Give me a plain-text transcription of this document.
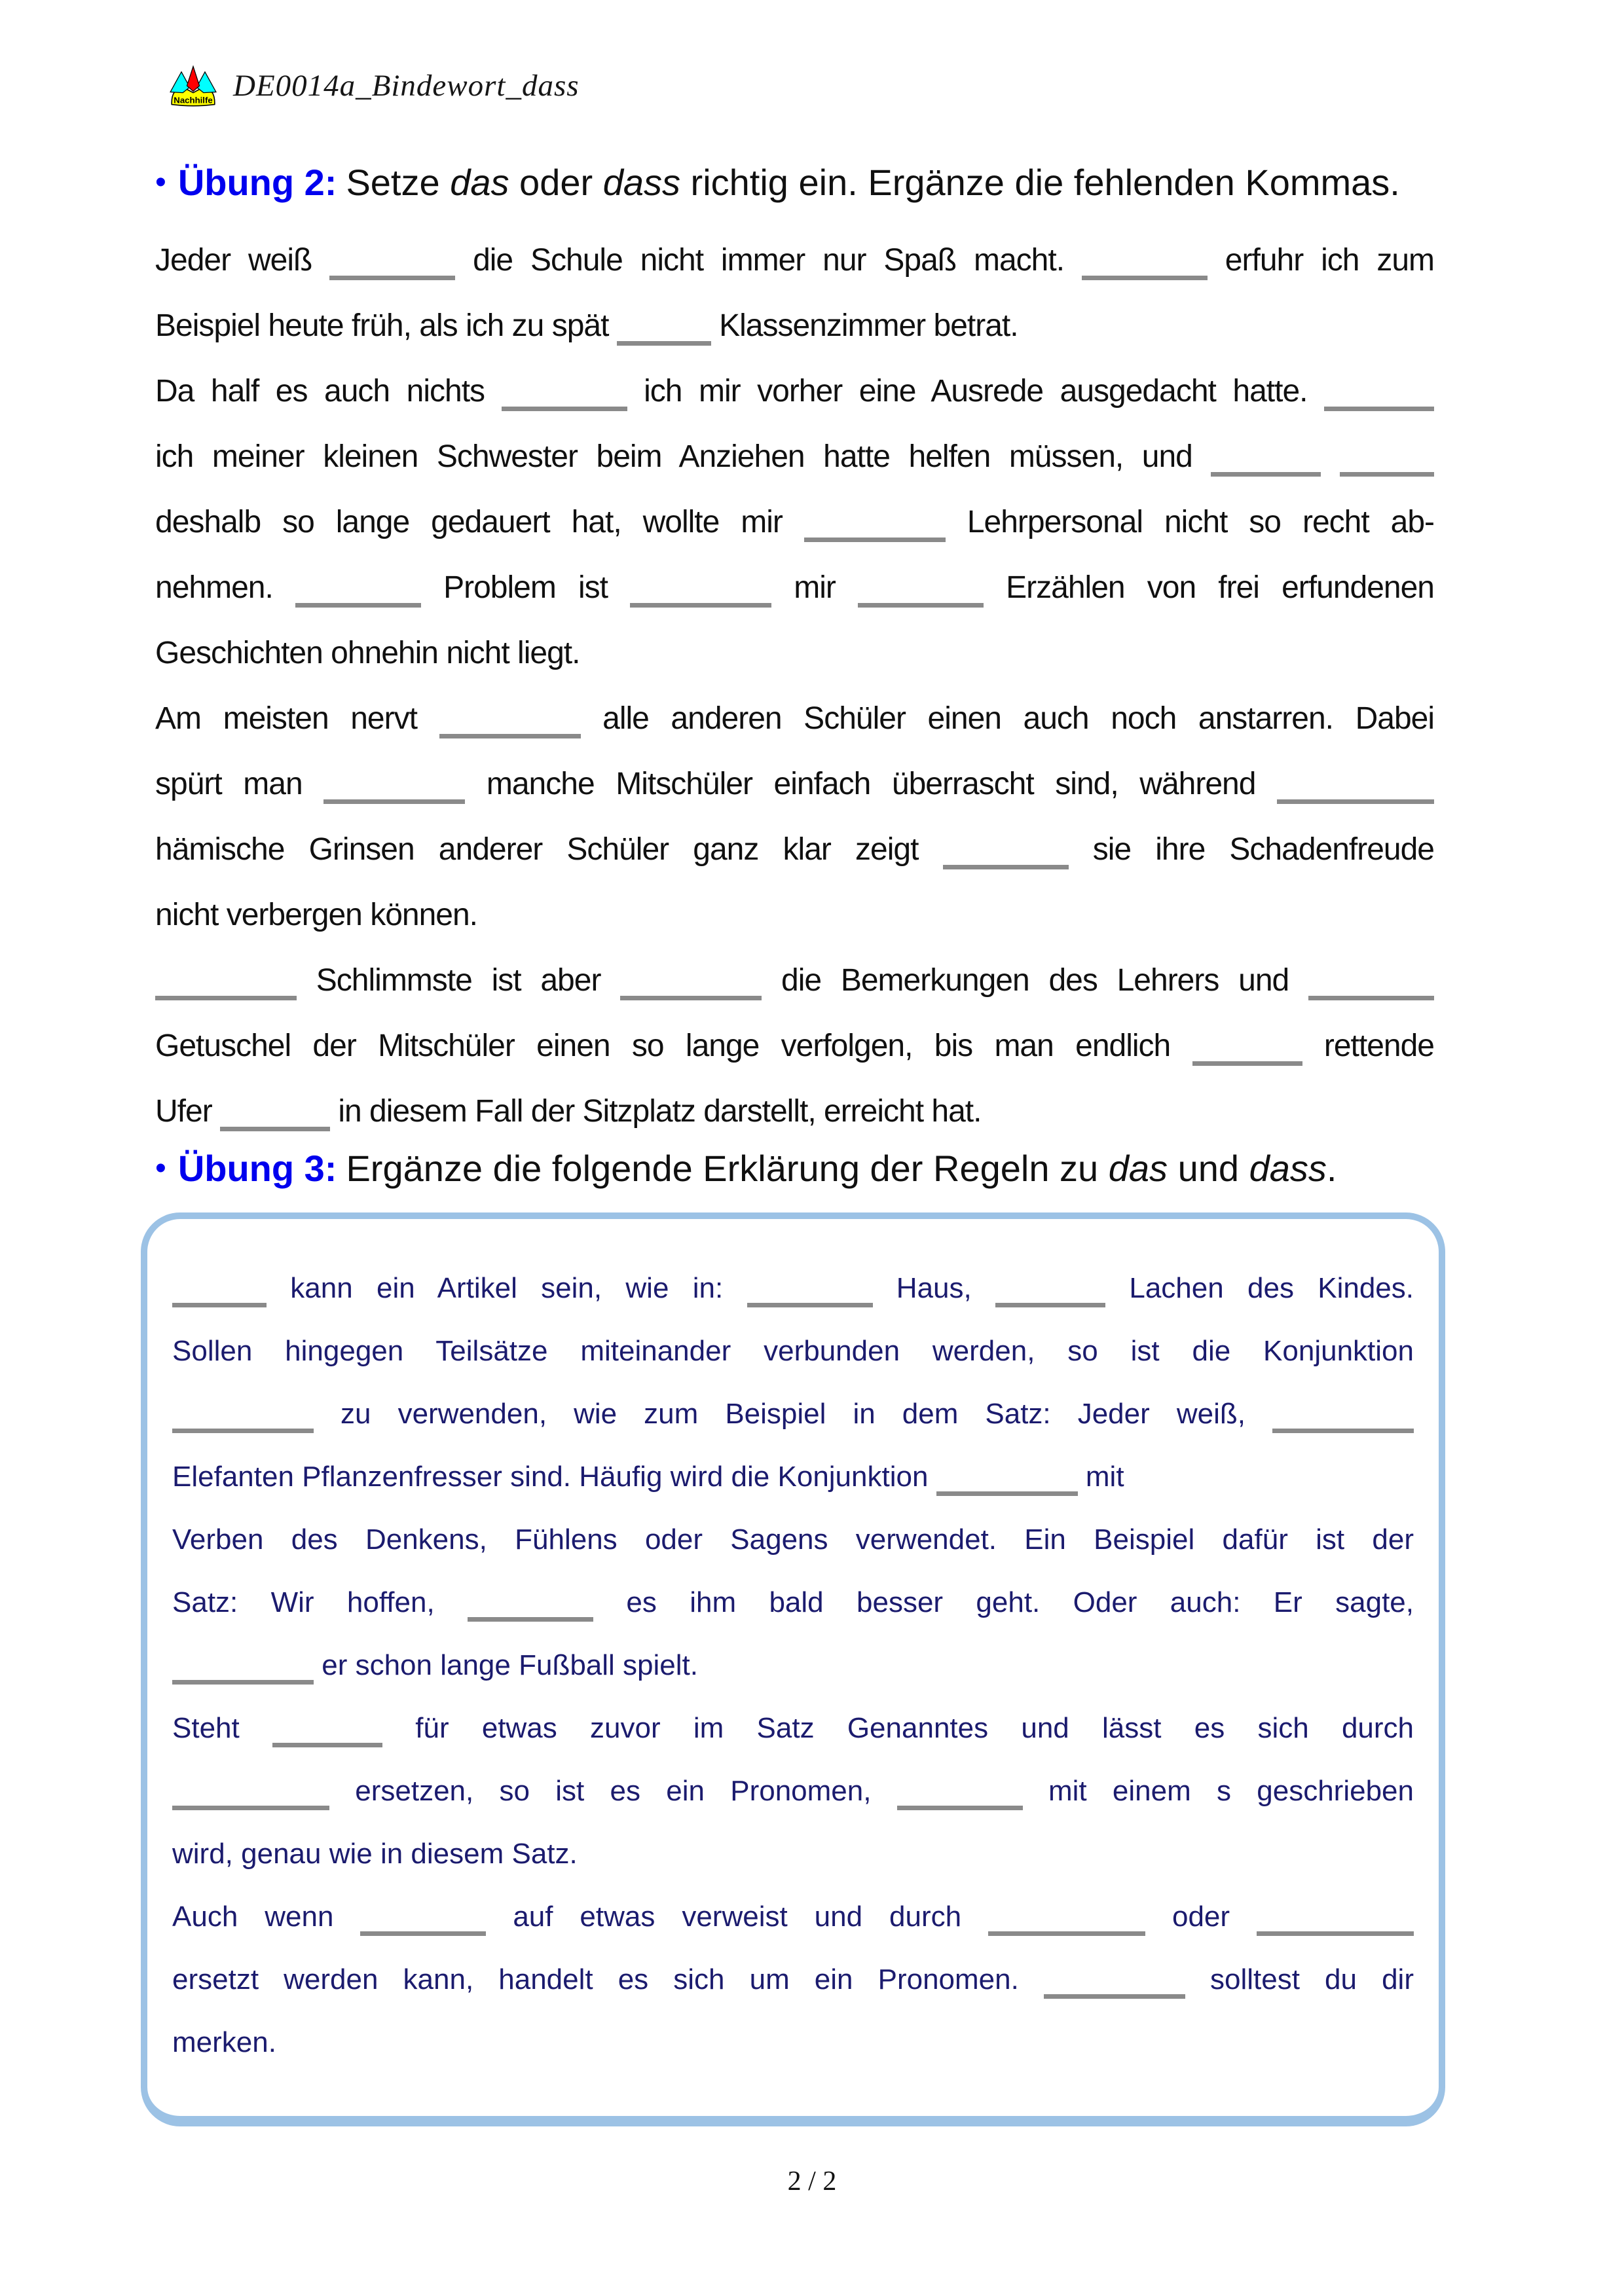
Nachhilfe DE0014a_Bindewort_dass
• Übung 2: Setze das oder dass richtig ein. Ergänze die fehlenden Kommas.
Jeder weiß	die Schule nicht immer nur Spaß macht.	erfuhr ich zum
Beispiel heute früh, als ich zu spät	Klassenzimmer betrat.
Da half es auch nichts	ich mir vorher eine Ausrede ausgedacht hatte.
ich meiner kleinen Schwester beim Anziehen hatte helfen müssen, und
deshalb so lange gedauert hat, wollte mir	Lehrpersonal nicht so recht ab-
nehmen.	Problem ist	mir	Erzählen von frei erfundenen
Geschichten ohnehin nicht liegt.
Am meisten nervt	alle anderen Schüler einen auch noch anstarren. Dabei
spürt man	manche Mitschüler einfach überrascht sind, während
hämische Grinsen anderer Schüler ganz klar zeigt	sie ihre Schadenfreude
nicht verbergen können.
Schlimmste ist aber	die Bemerkungen des Lehrers und
Getuschel der Mitschüler einen so lange verfolgen, bis man endlich	rettende
Ufer	in diesem Fall der Sitzplatz darstellt, erreicht hat.
• Übung 3: Ergänze die folgende Erklärung der Regeln zu das und dass.
kann ein Artikel sein, wie in:	Haus,	Lachen des Kindes.
Sollen hingegen Teilsätze miteinander verbunden werden, so ist die Konjunktion
zu verwenden, wie zum Beispiel in dem Satz: Jeder weiß,
Elefanten Pflanzenfresser sind. Häufig wird die Konjunktion	mit
Verben des Denkens, Fühlens oder Sagens verwendet. Ein Beispiel dafür ist der
Satz: Wir hoffen,	es ihm bald besser geht. Oder auch: Er sagte,
er schon lange Fußball spielt.
Steht	für etwas zuvor im Satz Genanntes und lässt es sich durch
ersetzen, so ist es ein Pronomen,	mit einem s geschrieben
wird, genau wie in diesem Satz.
Auch wenn	auf etwas verweist und durch	oder
ersetzt werden kann, handelt es sich um ein Pronomen.	solltest du dir
merken.
2 / 2
